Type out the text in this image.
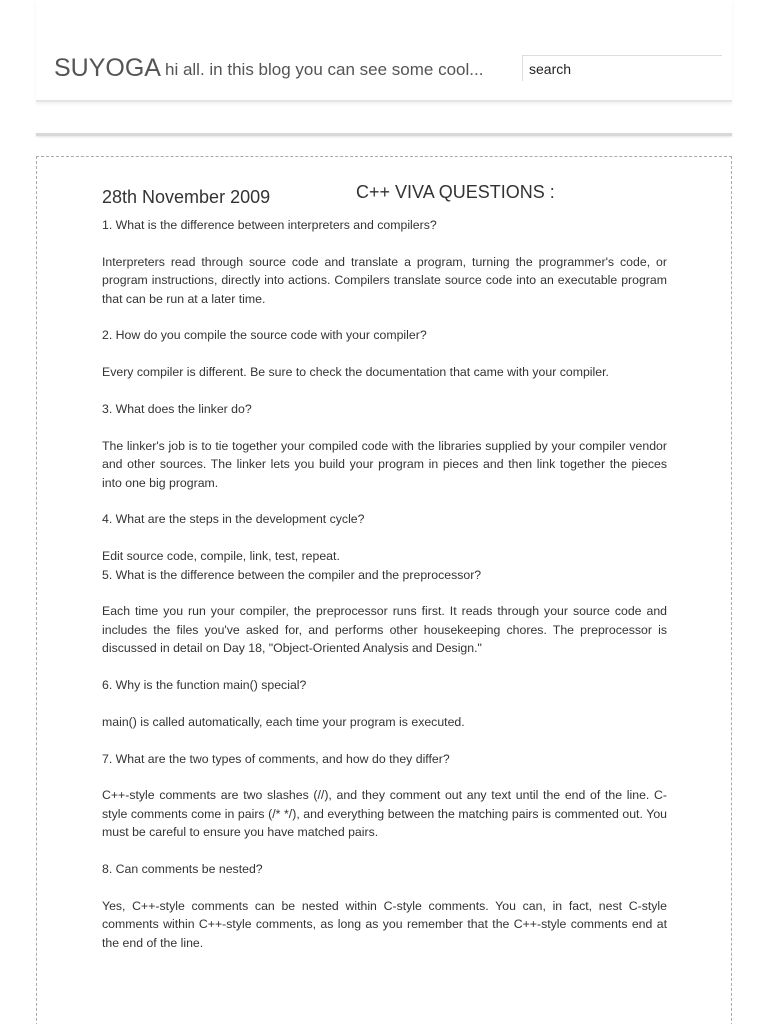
SUYOGA hi all. in this blog you can see some cool...
search
28th November 2009	C++ VIVA QUESTIONS :

1. What is the difference between interpreters and compilers?

Interpreters read through source code and translate a program, turning the programmer's code, or program instructions, directly into actions. Compilers translate source code into an executable program that can be run at a later time.

2. How do you compile the source code with your compiler?

Every compiler is different. Be sure to check the documentation that came with your compiler.

3. What does the linker do?

The linker's job is to tie together your compiled code with the libraries supplied by your compiler vendor and other sources. The linker lets you build your program in pieces and then link together the pieces into one big program.

4. What are the steps in the development cycle?

Edit source code, compile, link, test, repeat.

5. What is the difference between the compiler and the preprocessor?

Each time you run your compiler, the preprocessor runs first. It reads through your source code and includes the files you've asked for, and performs other housekeeping chores. The preprocessor is discussed in detail on Day 18, "Object-Oriented Analysis and Design."

6. Why is the function main() special?

main() is called automatically, each time your program is executed.

7. What are the two types of comments, and how do they differ?

C++-style comments are two slashes (//), and they comment out any text until the end of the line. C-style comments come in pairs (/* */), and everything between the matching pairs is commented out. You must be careful to ensure you have matched pairs.

8. Can comments be nested?

Yes, C++-style comments can be nested within C-style comments. You can, in fact, nest C-style comments within C++-style comments, as long as you remember that the C++-style comments end at the end of the line.
